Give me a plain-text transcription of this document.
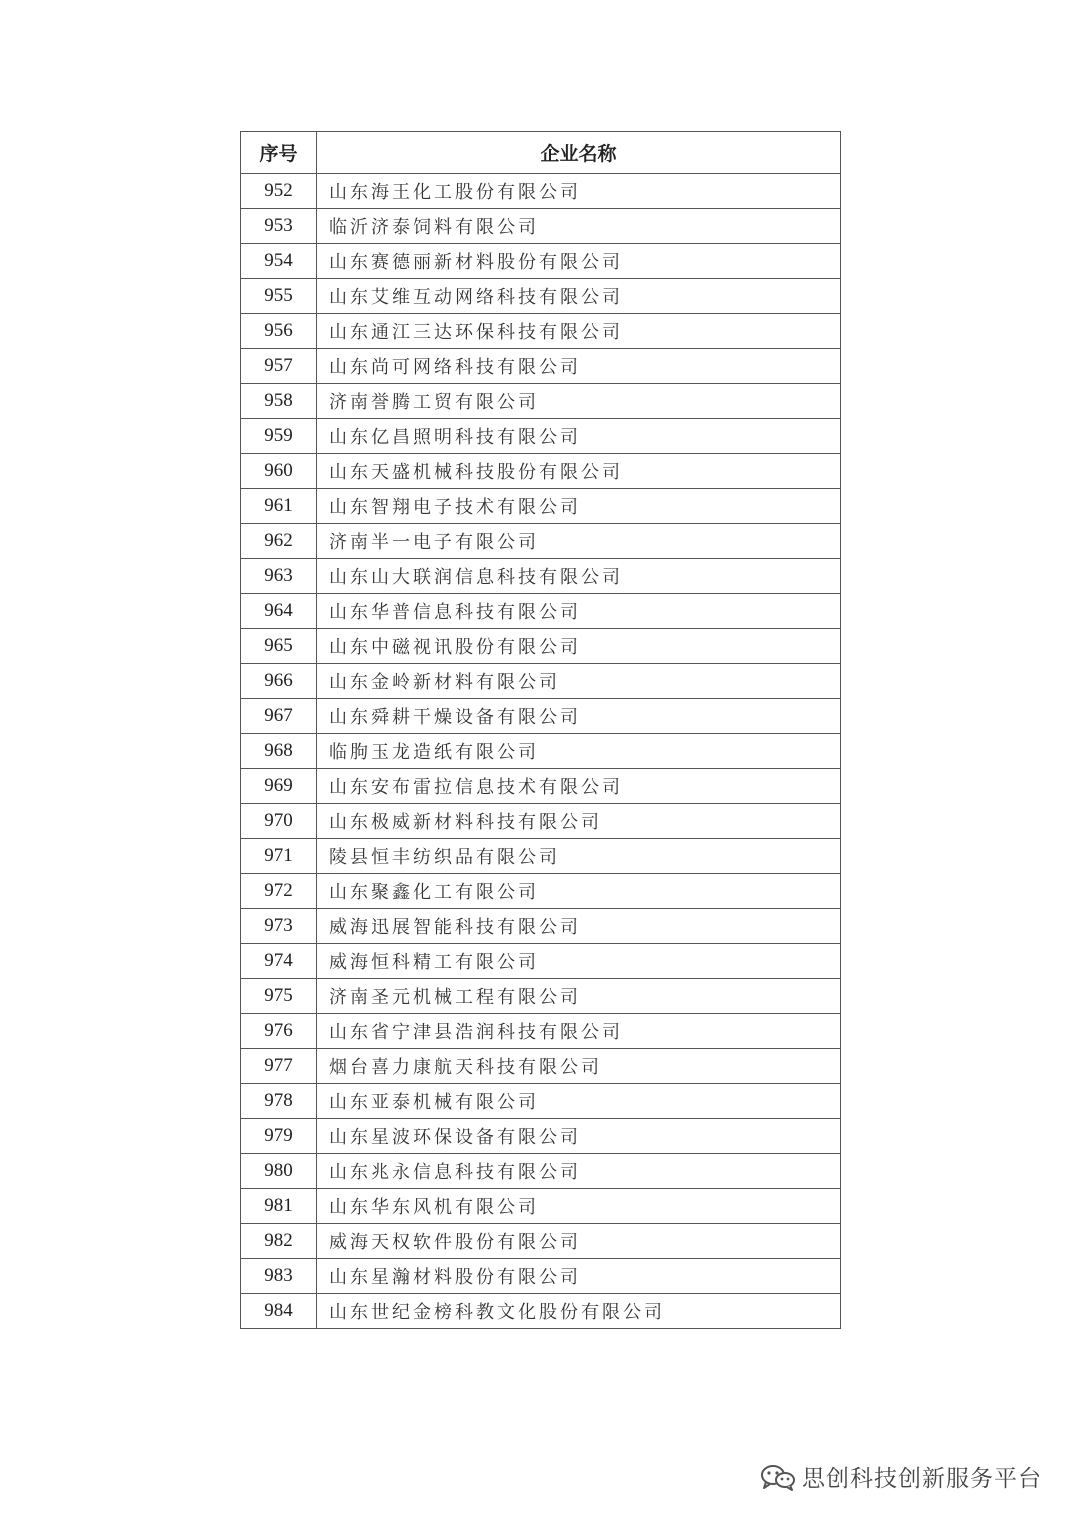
序号	企业名称
952	山东海王化工股份有限公司
953	临沂济泰饲料有限公司
954	山东赛德丽新材料股份有限公司
955	山东艾维互动网络科技有限公司
956	山东通江三达环保科技有限公司
957	山东尚可网络科技有限公司
958	济南誉腾工贸有限公司
959	山东亿昌照明科技有限公司
960	山东天盛机械科技股份有限公司
961	山东智翔电子技术有限公司
962	济南半一电子有限公司
963	山东山大联润信息科技有限公司
964	山东华普信息科技有限公司
965	山东中磁视讯股份有限公司
966	山东金岭新材料有限公司
967	山东舜耕干燥设备有限公司
968	临朐玉龙造纸有限公司
969	山东安布雷拉信息技术有限公司
970	山东极威新材料科技有限公司
971	陵县恒丰纺织品有限公司
972	山东聚鑫化工有限公司
973	威海迅展智能科技有限公司
974	威海恒科精工有限公司
975	济南圣元机械工程有限公司
976	山东省宁津县浩润科技有限公司
977	烟台喜力康航天科技有限公司
978	山东亚泰机械有限公司
979	山东星波环保设备有限公司
980	山东兆永信息科技有限公司
981	山东华东风机有限公司
982	威海天权软件股份有限公司
983	山东星瀚材料股份有限公司
984	山东世纪金榜科教文化股份有限公司
思创科技创新服务平台
